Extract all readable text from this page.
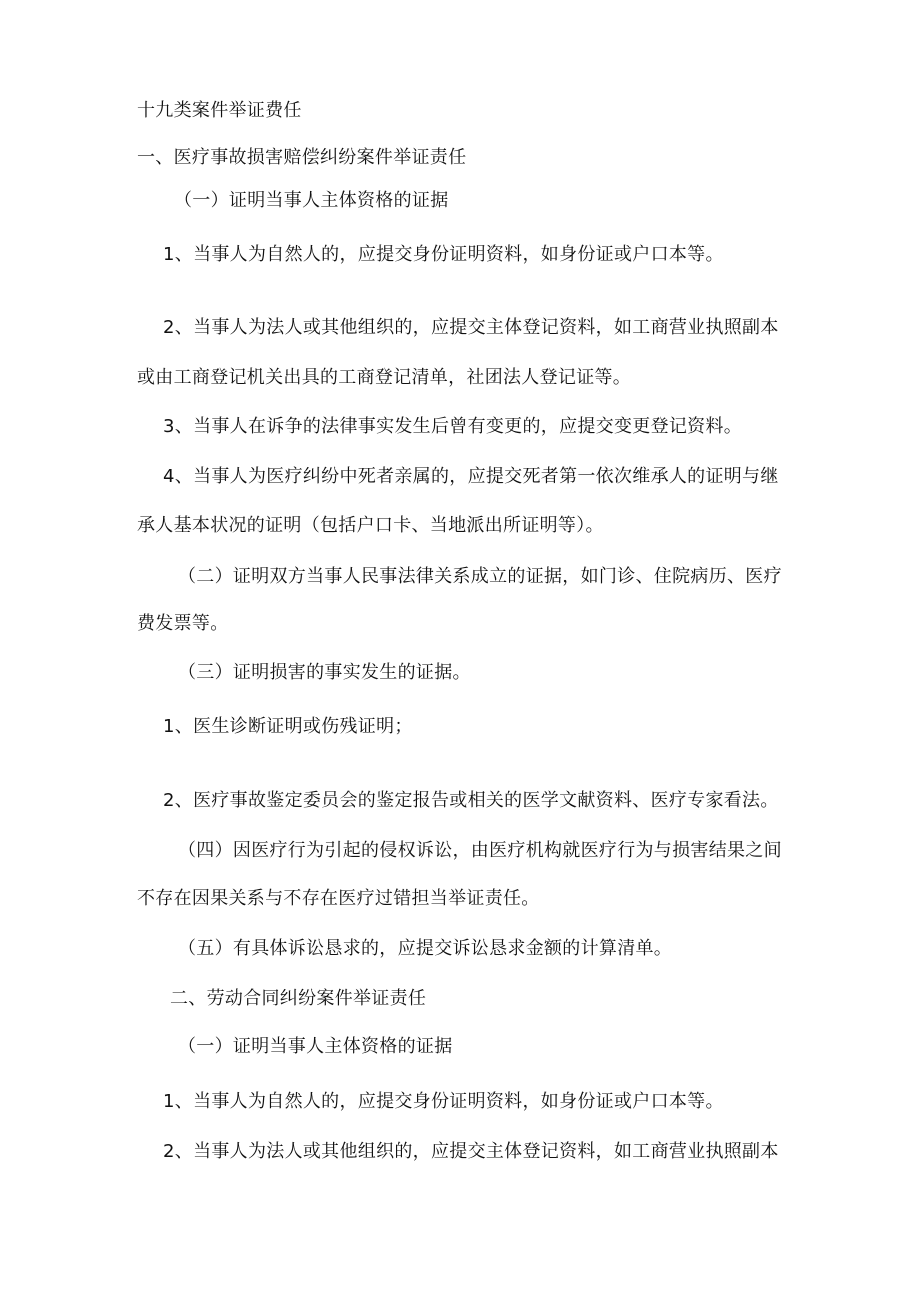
十九类案件举证费任
一、医疗事故损害赔偿纠纷案件举证责任
（一）证明当事人主体资格的证据
1、当事人为自然人的，应提交身份证明资料，如身份证或户口本等。
2、当事人为法人或其他组织的，应提交主体登记资料，如工商营业执照副本
或由工商登记机关出具的工商登记清单，社团法人登记证等。
3、当事人在诉争的法律事实发生后曾有变更的，应提交变更登记资料。
4、当事人为医疗纠纷中死者亲属的，应提交死者第一依次维承人的证明与继
承人基本状况的证明（包括户口卡、当地派出所证明等）。
（二）证明双方当事人民事法律关系成立的证据，如门诊、住院病历、医疗
费发票等。
（三）证明损害的事实发生的证据。
1、医生诊断证明或伤残证明；
2、医疗事故鉴定委员会的鉴定报告或相关的医学文献资料、医疗专家看法。
（四）因医疗行为引起的侵权诉讼，由医疗机构就医疗行为与损害结果之间
不存在因果关系与不存在医疗过错担当举证责任。
（五）有具体诉讼恳求的，应提交诉讼恳求金额的计算清单。
二、劳动合同纠纷案件举证责任
（一）证明当事人主体资格的证据
1、当事人为自然人的，应提交身份证明资料，如身份证或户口本等。
2、当事人为法人或其他组织的，应提交主体登记资料，如工商营业执照副本
